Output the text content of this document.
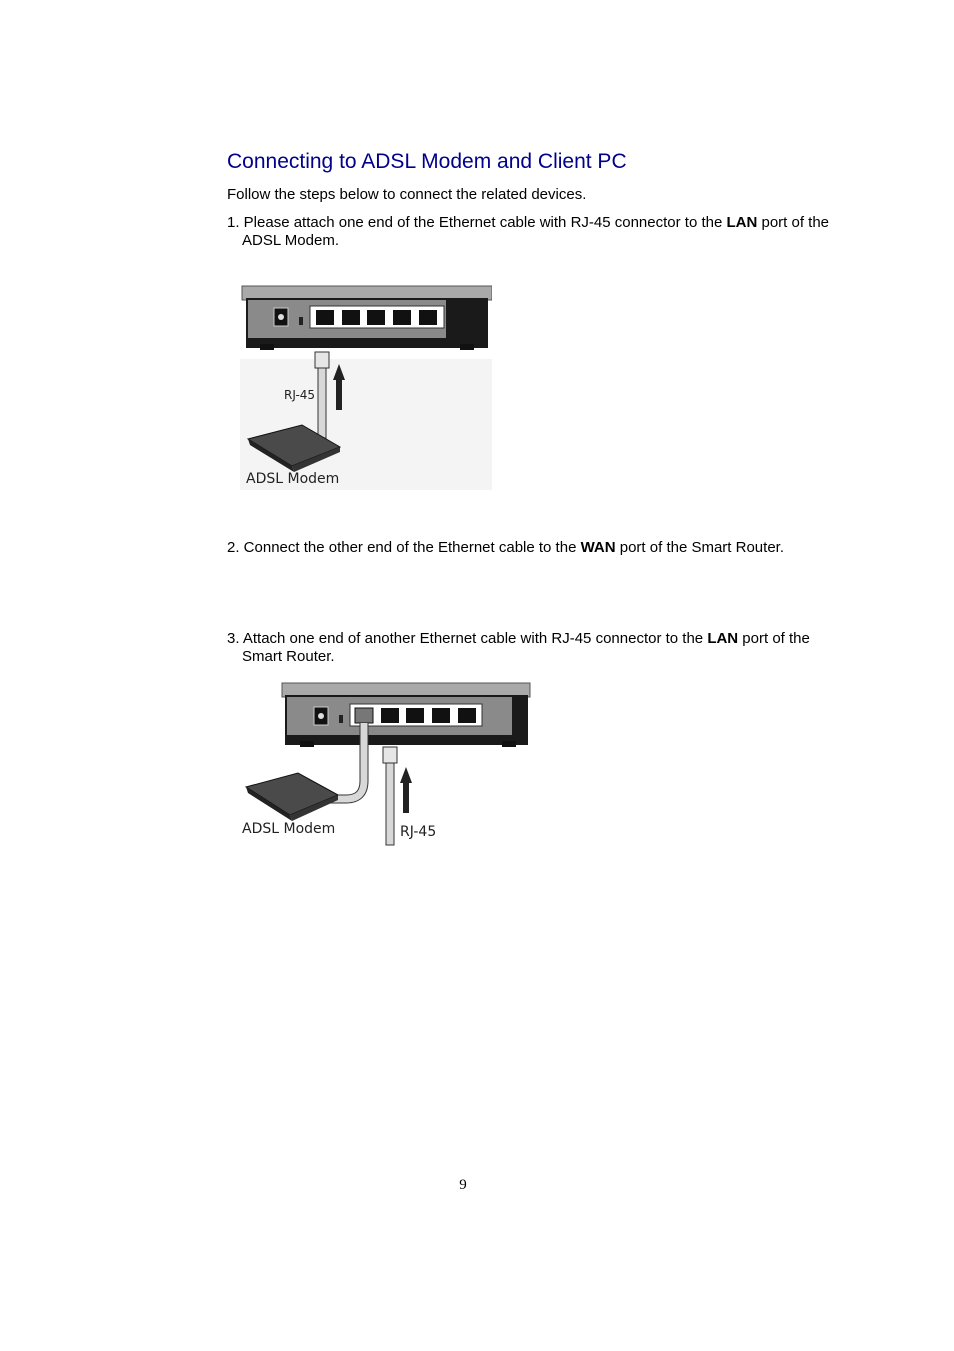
Connecting to ADSL Modem and Client PC
Follow the steps below to connect the related devices.
1. Please attach one end of the Ethernet cable with RJ-45 connector to the LAN port of the
ADSL Modem.
RJ-45
ADSL Modem
2. Connect the other end of the Ethernet cable to the WAN port of the Smart Router.
3. Attach one end of another Ethernet cable with RJ-45 connector to the LAN port of the
Smart Router.
ADSL Modem	RJ-45
9
